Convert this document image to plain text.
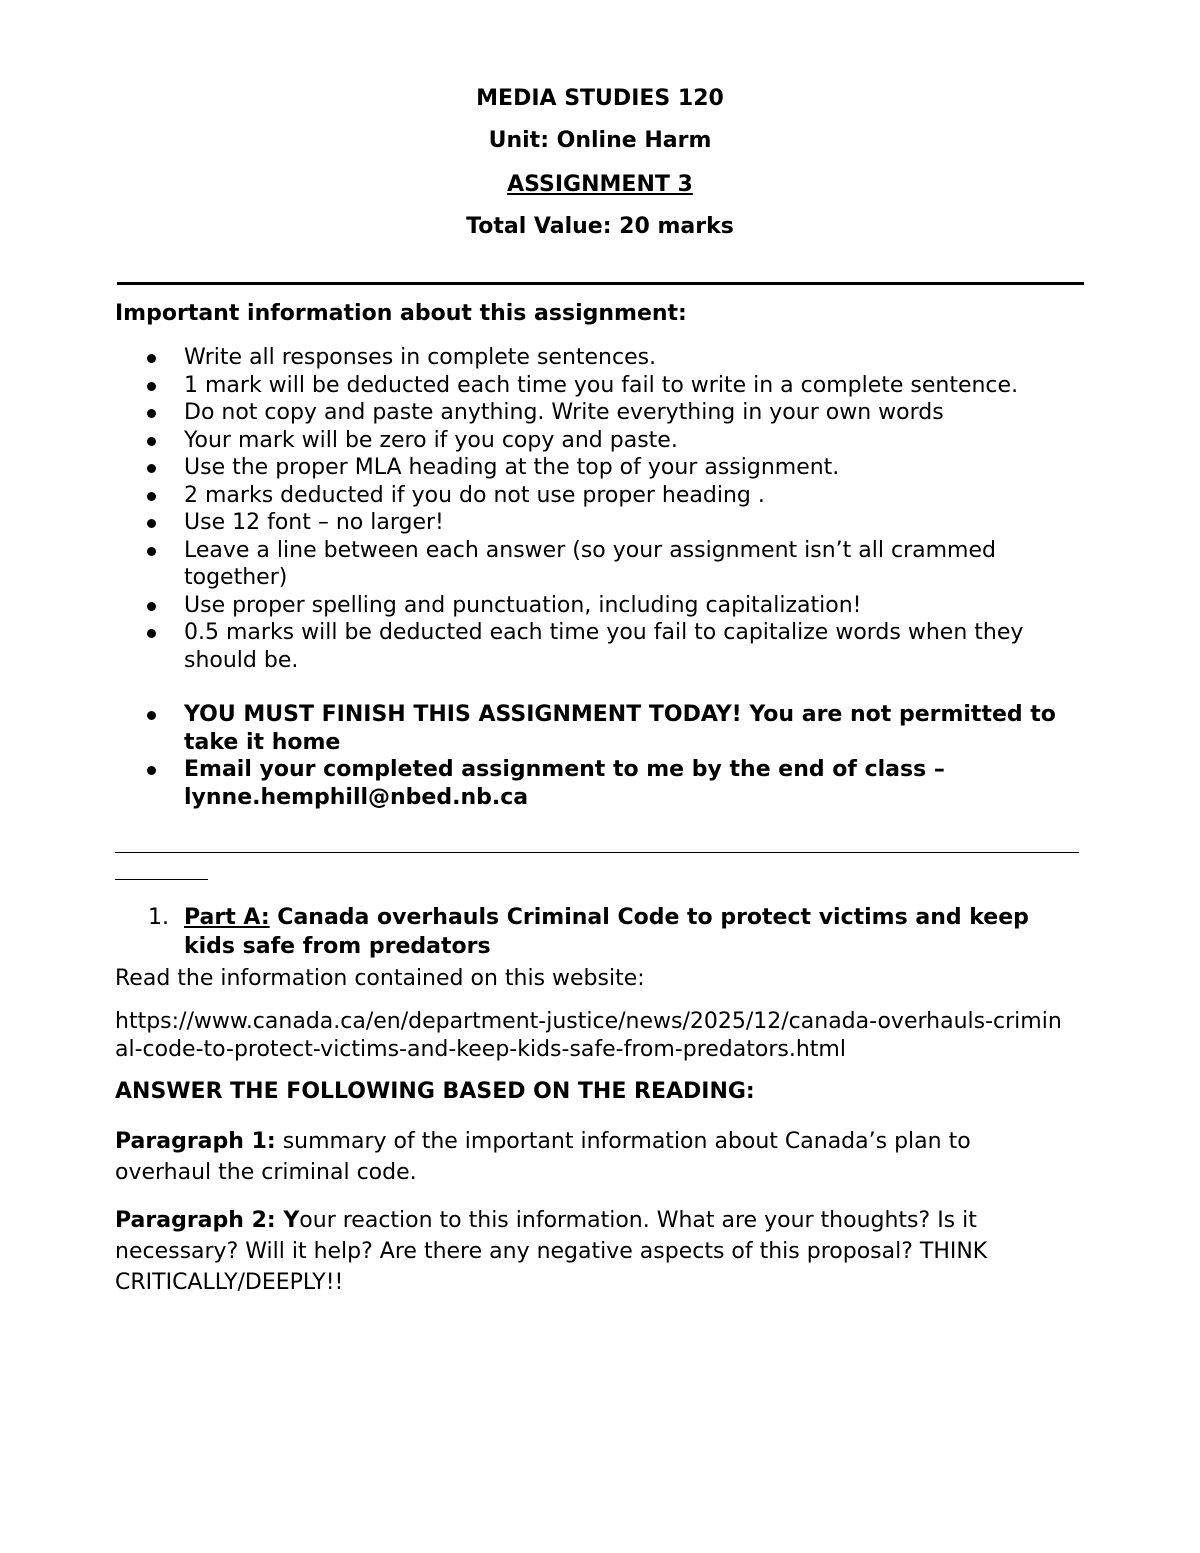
MEDIA STUDIES 120
Unit: Online Harm
ASSIGNMENT 3
Total Value: 20 marks
Important information about this assignment:
Write all responses in complete sentences.
1 mark will be deducted each time you fail to write in a complete sentence.
Do not copy and paste anything. Write everything in your own words
Your mark will be zero if you copy and paste.
Use the proper MLA heading at the top of your assignment.
2 marks deducted if you do not use proper heading .
Use 12 font – no larger!
Leave a line between each answer (so your assignment isn’t all crammed together)
Use proper spelling and punctuation, including capitalization!
0.5 marks will be deducted each time you fail to capitalize words when they should be.
YOU MUST FINISH THIS ASSIGNMENT TODAY! You are not permitted to take it home
Email your completed assignment to me by the end of class – lynne.hemphill@nbed.nb.ca
1. Part A: Canada overhauls Criminal Code to protect victims and keep kids safe from predators
Read the information contained on this website:
https://www.canada.ca/en/department-justice/news/2025/12/canada-overhauls-criminal-code-to-protect-victims-and-keep-kids-safe-from-predators.html
ANSWER THE FOLLOWING BASED ON THE READING:
Paragraph 1: summary of the important information about Canada’s plan to overhaul the criminal code.
Paragraph 2: Your reaction to this information. What are your thoughts? Is it necessary? Will it help? Are there any negative aspects of this proposal? THINK CRITICALLY/DEEPLY!!
